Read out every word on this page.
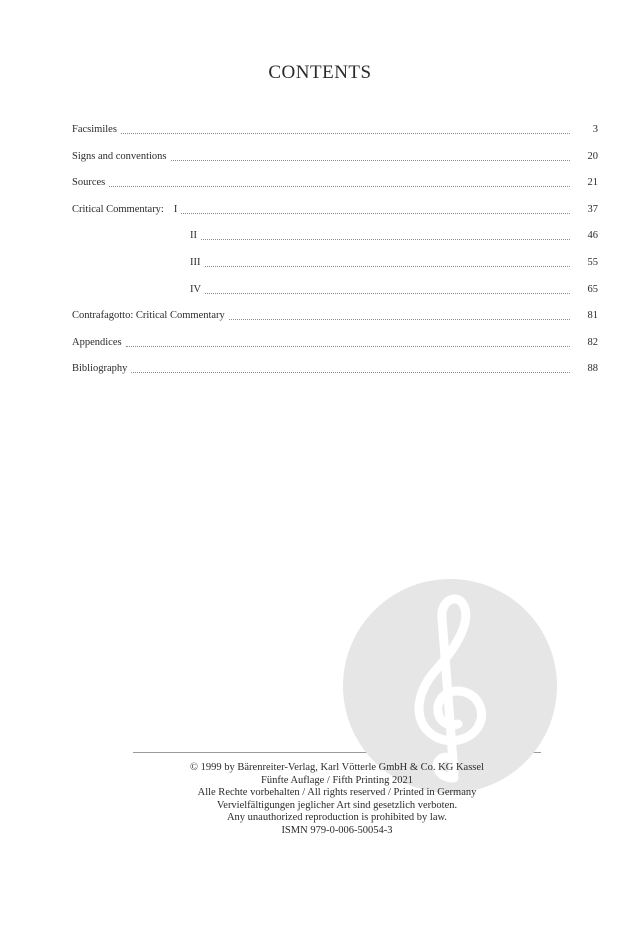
CONTENTS
Facsimiles	3
Signs and conventions	20
Sources	21
Critical Commentary: I	37
II	46
III	55
IV	65
Contrafagotto: Critical Commentary	81
Appendices	82
Bibliography	88
© 1999 by Bärenreiter-Verlag, Karl Vötterle GmbH & Co. KG Kassel
Fünfte Auflage / Fifth Printing 2021
Alle Rechte vorbehalten / All rights reserved / Printed in Germany
Vervielfältigungen jeglicher Art sind gesetzlich verboten.
Any unauthorized reproduction is prohibited by law.
ISMN 979-0-006-50054-3
